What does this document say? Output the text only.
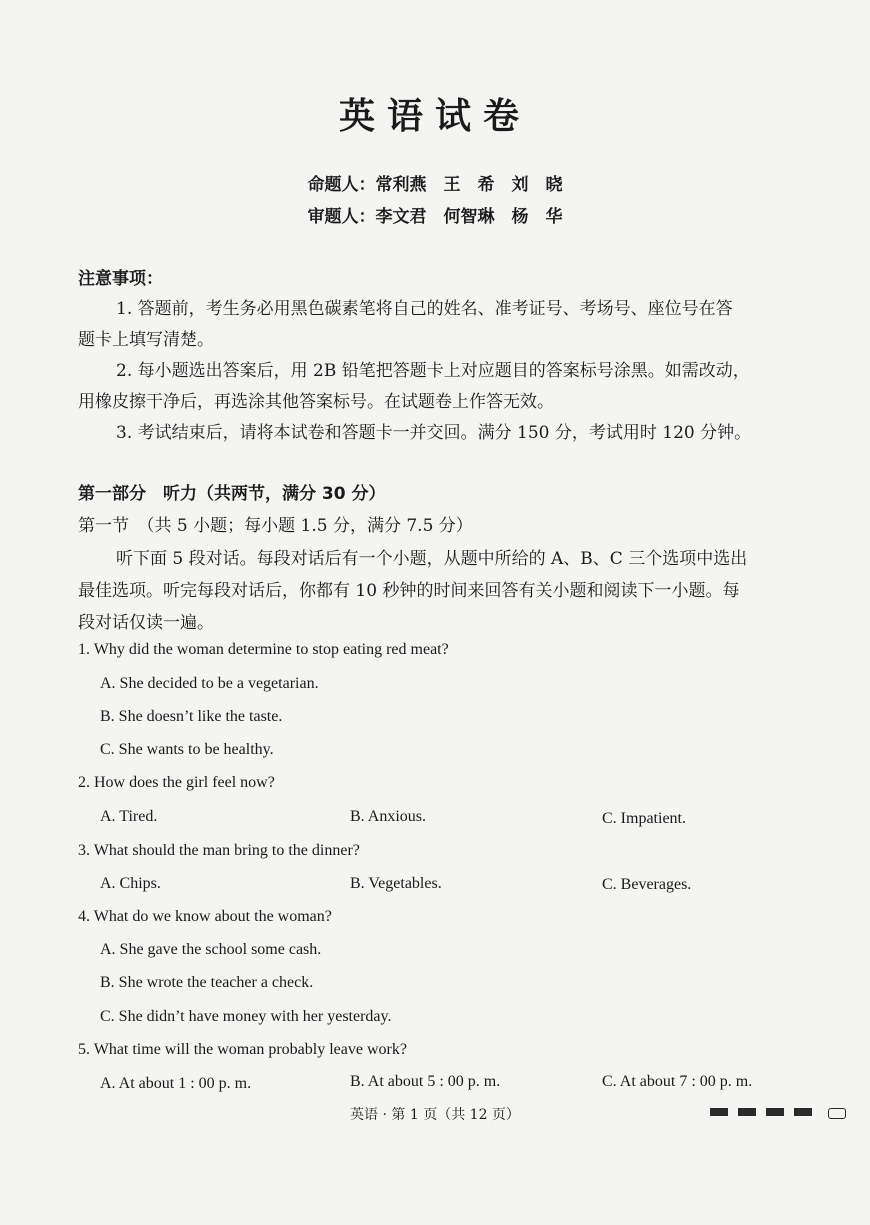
英语试卷
命题人：常利燕　王　希　刘　晓
审题人：李文君　何智琳　杨　华
注意事项：
1. 答题前，考生务必用黑色碳素笔将自己的姓名、准考证号、考场号、座位号在答
题卡上填写清楚。
2. 每小题选出答案后，用 2B 铅笔把答题卡上对应题目的答案标号涂黑。如需改动，
用橡皮擦干净后，再选涂其他答案标号。在试题卷上作答无效。
3. 考试结束后，请将本试卷和答题卡一并交回。满分 150 分，考试用时 120 分钟。
第一部分　听力（共两节，满分 30 分）
第一节　（共 5 小题；每小题 1.5 分，满分 7.5 分）
听下面 5 段对话。每段对话后有一个小题，从题中所给的 A、B、C 三个选项中选出
最佳选项。听完每段对话后，你都有 10 秒钟的时间来回答有关小题和阅读下一小题。每
段对话仅读一遍。
1. Why did the woman determine to stop eating red meat?
A. She decided to be a vegetarian.
B. She doesn’t like the taste.
C. She wants to be healthy.
2. How does the girl feel now?
A. Tired.	B. Anxious.	C. Impatient.
3. What should the man bring to the dinner?
A. Chips.	B. Vegetables.	C. Beverages.
4. What do we know about the woman?
A. She gave the school some cash.
B. She wrote the teacher a check.
C. She didn’t have money with her yesterday.
5. What time will the woman probably leave work?
A. At about 1 : 00 p. m.	B. At about 5 : 00 p. m.	C. At about 7 : 00 p. m.
英语 · 第 1 页（共 12 页）
